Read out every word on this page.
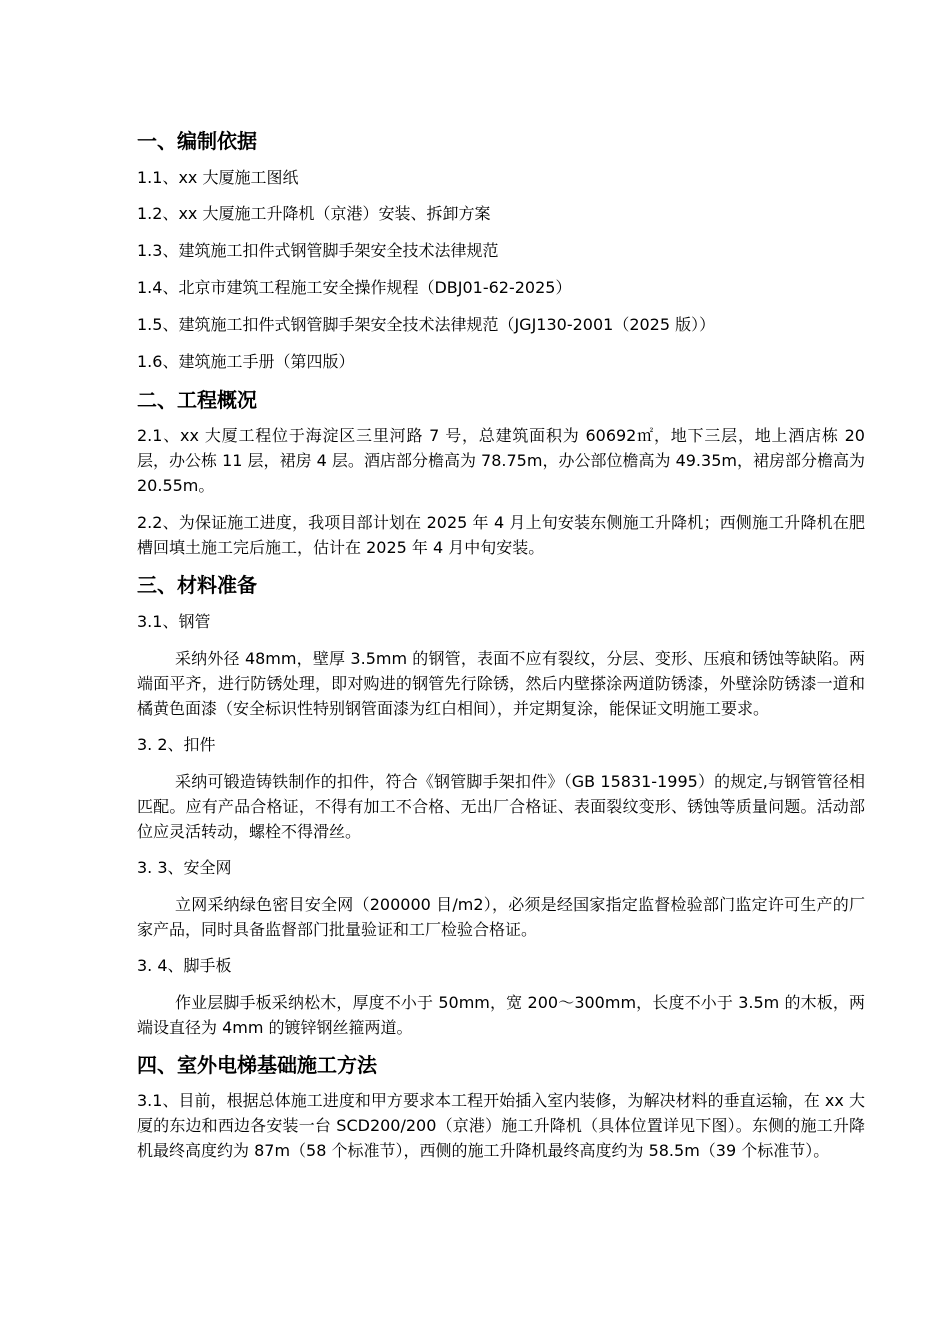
一、编制依据
1.1、xx 大厦施工图纸
1.2、xx 大厦施工升降机（京港）安装、拆卸方案
1.3、建筑施工扣件式钢管脚手架安全技术法律规范
1.4、北京市建筑工程施工安全操作规程（DBJ01-62-2025）
1.5、建筑施工扣件式钢管脚手架安全技术法律规范（JGJ130-2001（2025 版））
1.6、建筑施工手册（第四版）
二、工程概况
2.1、xx 大厦工程位于海淀区三里河路 7 号，总建筑面积为 60692㎡，地下三层，地上酒店栋 20 层，办公栋 11 层，裙房 4 层。酒店部分檐高为 78.75m，办公部位檐高为 49.35m，裙房部分檐高为 20.55m。
2.2、为保证施工进度，我项目部计划在 2025 年 4 月上旬安装东侧施工升降机；西侧施工升降机在肥槽回填土施工完后施工，估计在 2025 年 4 月中旬安装。
三、材料准备
3.1、钢管
采纳外径 48mm，壁厚 3.5mm 的钢管，表面不应有裂纹，分层、变形、压痕和锈蚀等缺陷。两端面平齐，进行防锈处理，即对购进的钢管先行除锈，然后内壁搽涂两道防锈漆，外壁涂防锈漆一道和橘黄色面漆（安全标识性特别钢管面漆为红白相间），并定期复涂，能保证文明施工要求。
3. 2、扣件
采纳可锻造铸铁制作的扣件，符合《钢管脚手架扣件》（GB 15831-1995）的规定,与钢管管径相匹配。应有产品合格证，不得有加工不合格、无出厂合格证、表面裂纹变形、锈蚀等质量问题。活动部位应灵活转动，螺栓不得滑丝。
3. 3、安全网
立网采纳绿色密目安全网（200000 目/m2），必须是经国家指定监督检验部门监定许可生产的厂家产品，同时具备监督部门批量验证和工厂检验合格证。
3. 4、脚手板
作业层脚手板采纳松木，厚度不小于 50mm，宽 200～300mm，长度不小于 3.5m 的木板，两端设直径为 4mm 的镀锌钢丝箍两道。
四、室外电梯基础施工方法
3.1、目前，根据总体施工进度和甲方要求本工程开始插入室内装修，为解决材料的垂直运输，在 xx 大厦的东边和西边各安装一台 SCD200/200（京港）施工升降机（具体位置详见下图）。东侧的施工升降机最终高度约为 87m（58 个标准节），西侧的施工升降机最终高度约为 58.5m（39 个标准节）。
